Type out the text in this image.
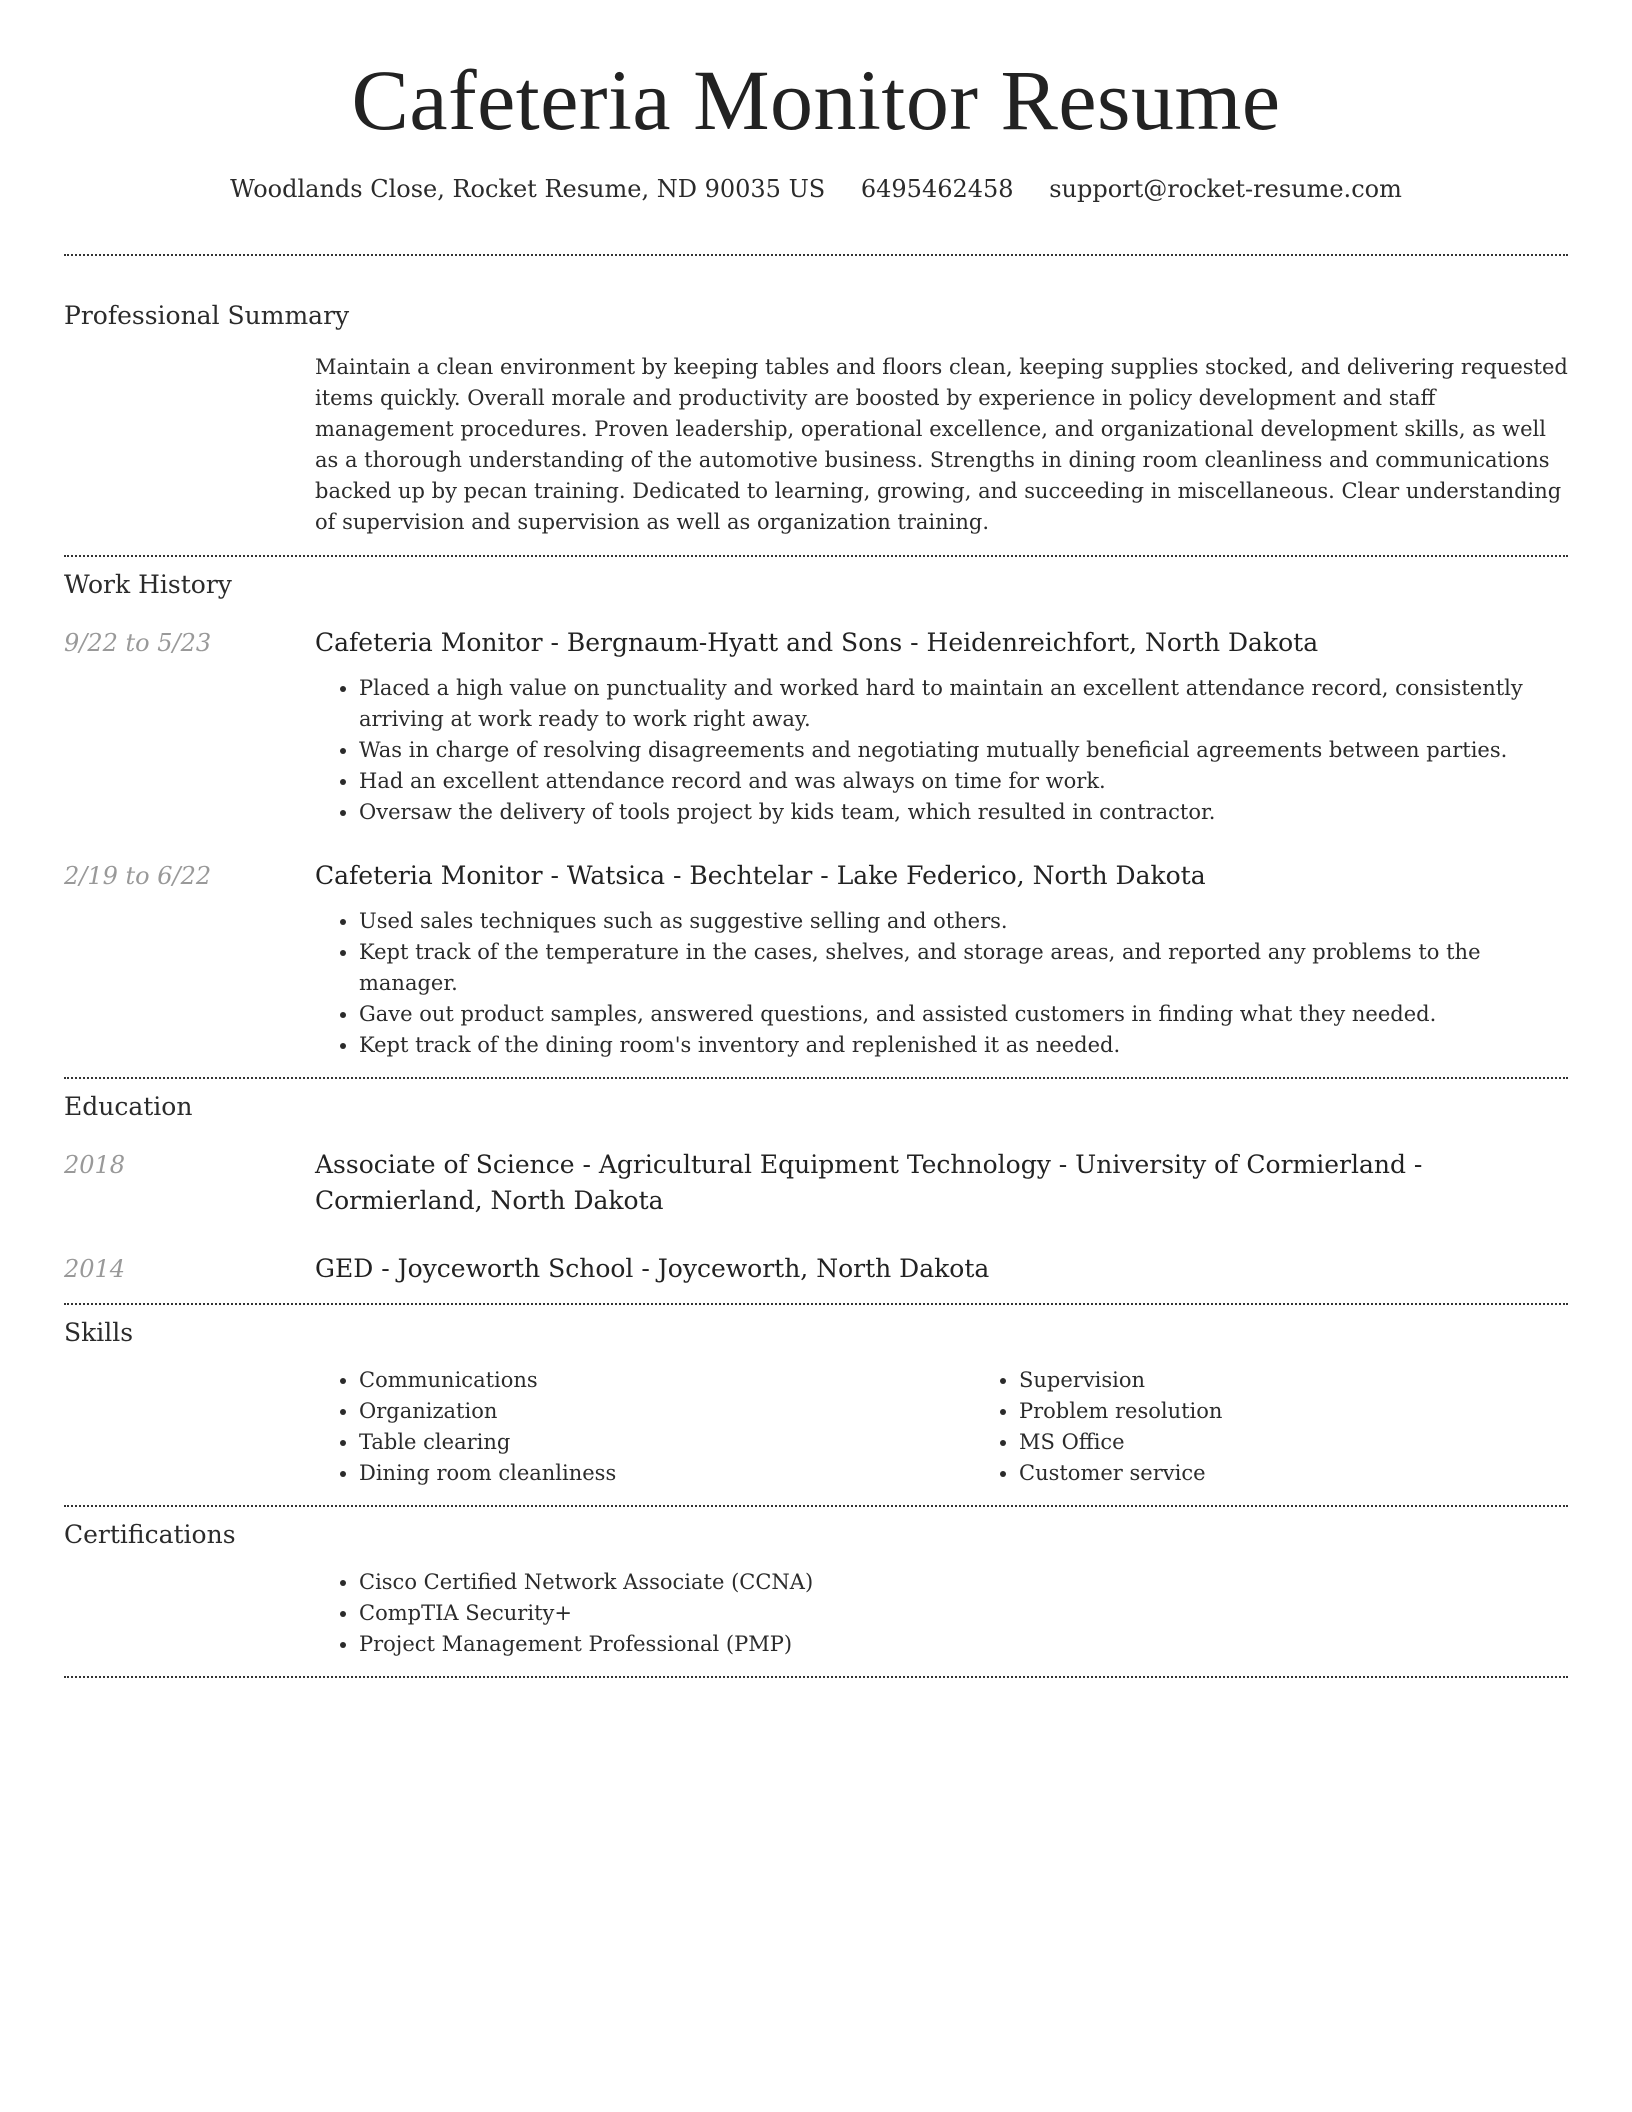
Cafeteria Monitor Resume
Woodlands Close, Rocket Resume, ND 90035 US 6495462458 support@rocket-resume.com
Professional Summary
Maintain a clean environment by keeping tables and floors clean, keeping supplies stocked, and delivering requested items quickly. Overall morale and productivity are boosted by experience in policy development and staff management procedures. Proven leadership, operational excellence, and organizational development skills, as well as a thorough understanding of the automotive business. Strengths in dining room cleanliness and communications backed up by pecan training. Dedicated to learning, growing, and succeeding in miscellaneous. Clear understanding of supervision and supervision as well as organization training.
Work History
9/22 to 5/23	Cafeteria Monitor - Bergnaum-Hyatt and Sons - Heidenreichfort, North Dakota
• Placed a high value on punctuality and worked hard to maintain an excellent attendance record, consistently arriving at work ready to work right away.
• Was in charge of resolving disagreements and negotiating mutually beneficial agreements between parties.
• Had an excellent attendance record and was always on time for work.
• Oversaw the delivery of tools project by kids team, which resulted in contractor.
2/19 to 6/22	Cafeteria Monitor - Watsica - Bechtelar - Lake Federico, North Dakota
• Used sales techniques such as suggestive selling and others.
• Kept track of the temperature in the cases, shelves, and storage areas, and reported any problems to the manager.
• Gave out product samples, answered questions, and assisted customers in finding what they needed.
• Kept track of the dining room's inventory and replenished it as needed.
Education
2018	Associate of Science - Agricultural Equipment Technology - University of Cormierland - Cormierland, North Dakota
2014	GED - Joyceworth School - Joyceworth, North Dakota
Skills
• Communications
• Organization
• Table clearing
• Dining room cleanliness
• Supervision
• Problem resolution
• MS Office
• Customer service
Certifications
• Cisco Certified Network Associate (CCNA)
• CompTIA Security+
• Project Management Professional (PMP)
